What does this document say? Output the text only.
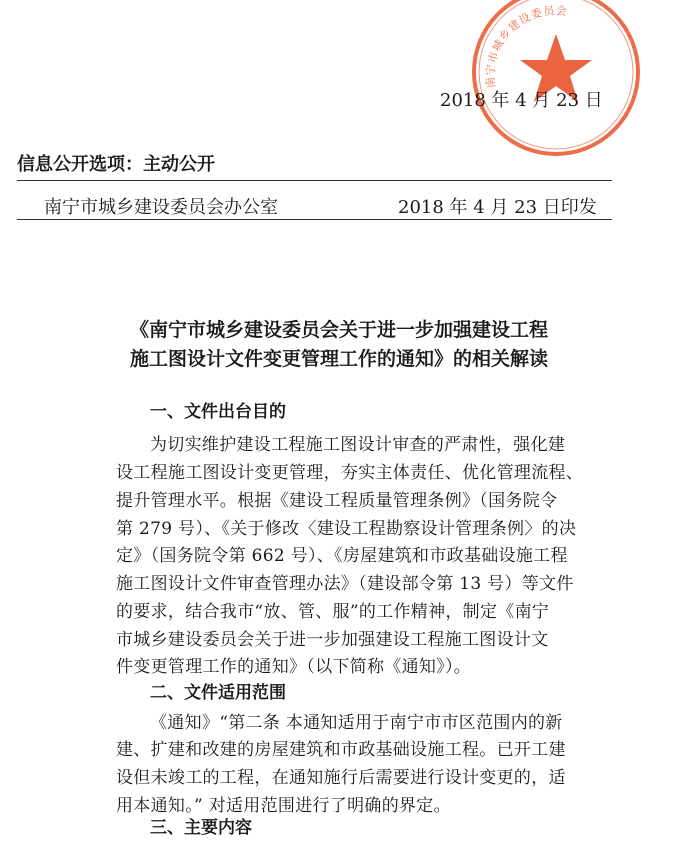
南宁市城乡建设委员会
2018 年 4 月 23 日
信息公开选项：主动公开
南宁市城乡建设委员会办公室	2018 年 4 月 23 日印发
《南宁市城乡建设委员会关于进一步加强建设工程
施工图设计文件变更管理工作的通知》的相关解读
一、文件出台目的
为切实维护建设工程施工图设计审查的严肃性，强化建
设工程施工图设计变更管理，夯实主体责任、优化管理流程、
提升管理水平。根据《建设工程质量管理条例》（国务院令
第 279 号）、《关于修改〈建设工程勘察设计管理条例〉的决
定》（国务院令第 662 号）、《房屋建筑和市政基础设施工程
施工图设计文件审查管理办法》（建设部令第 13 号）等文件
的要求，结合我市“放、管、服”的工作精神，制定《南宁
市城乡建设委员会关于进一步加强建设工程施工图设计文
件变更管理工作的通知》（以下简称《通知》）。
二、文件适用范围
《通知》“第二条 本通知适用于南宁市市区范围内的新
建、扩建和改建的房屋建筑和市政基础设施工程。已开工建
设但未竣工的工程，在通知施行后需要进行设计变更的，适
用本通知。” 对适用范围进行了明确的界定。
三、主要内容
